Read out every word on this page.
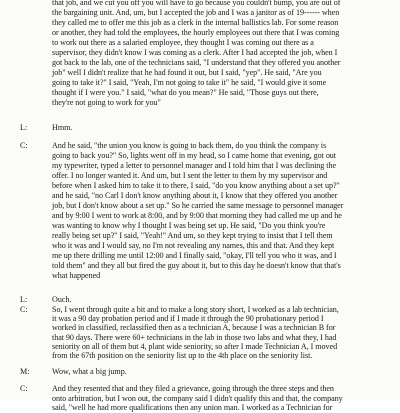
that job, and we cut you off you will have to go because you couldn't bump, you are out of

the bargaining unit. And, um, but I accepted the job and I was a janitor as of 19------ when

they called me to offer me this job as a clerk in the internal ballistics lab. For some reason

or another, they had told the employees, the hourly employees out there that I was coming

to work out there as a salaried employee, they thought I was coming out there as a

supervisor, they didn't know I was coming as a clerk. After I had accepted the job, when I

got back to the lab, one of the technicians said, "I understand that they offered you another

job" well I didn't realize that he had found it out, but I said, "yep". He said, "Are you

going to take it?" I said, "Yeah, I'm not going to take it" he said, "I would give it some

thought if I were you." I said, "what do you mean?" He said, "Those guys out there,

they're not going to work for you"

L:	Hmm.

C:	And he said, "the union you know is going to back them, do you think the company is

going to back you?" So, lights went off in my head, so I came home that evening, got out

my typewriter, typed a letter to personnel manager and I told him that I was declining the

offer. I no longer wanted it. And um, but I sent the letter to them by my supervisor and

before when I asked him to take it to there, I said, "do you know anything about a set up?"

and he said, "no Carl I don't know anything about it, I know that they offered you another

job, but I don't know about a set up." So he carried the same message to personnel manager

and by 9:00 I went to work at 8:00, and by 9:00 that morning they had called me up and he

was wanting to know why I thought I was being set up. He said, "Do you think you're

really being set up?" I said, "Yeah!" And um, so they kept trying to insist that I tell them

who it was and I would say, no I'm not revealing any names, this and that. And they kept

me up there drilling me until 12:00 and I finally said, "okay, I'll tell you who it was, and I

told them" and they all but fired the guy about it, but to this day he doesn't know that that's

what happened

L:	Ouch.

C:	So, I went through quite a bit and to make a long story short, I worked as a lab technician,

it was a 90 day probation period and if I made it through the 90 probationary period I

worked in classified, reclassified then as a technician A, because I was a technician B for

that 90 days. There were 60+ technicians in the lab in those two labs and what they, I had

seniority on all of them but 4, plant wide seniority, so after I made Technician A, I moved

from the 67th position on the seniority list up to the 4th place on the seniority list.

M:	Wow, what a big jump.

C:	And they resented that and they filed a grievance, going through the three steps and then

onto arbitration, but I won out, the company said I didn't qualify this and that, the company

said, "well he had more qualifications then any union man. I worked as a Technician for
